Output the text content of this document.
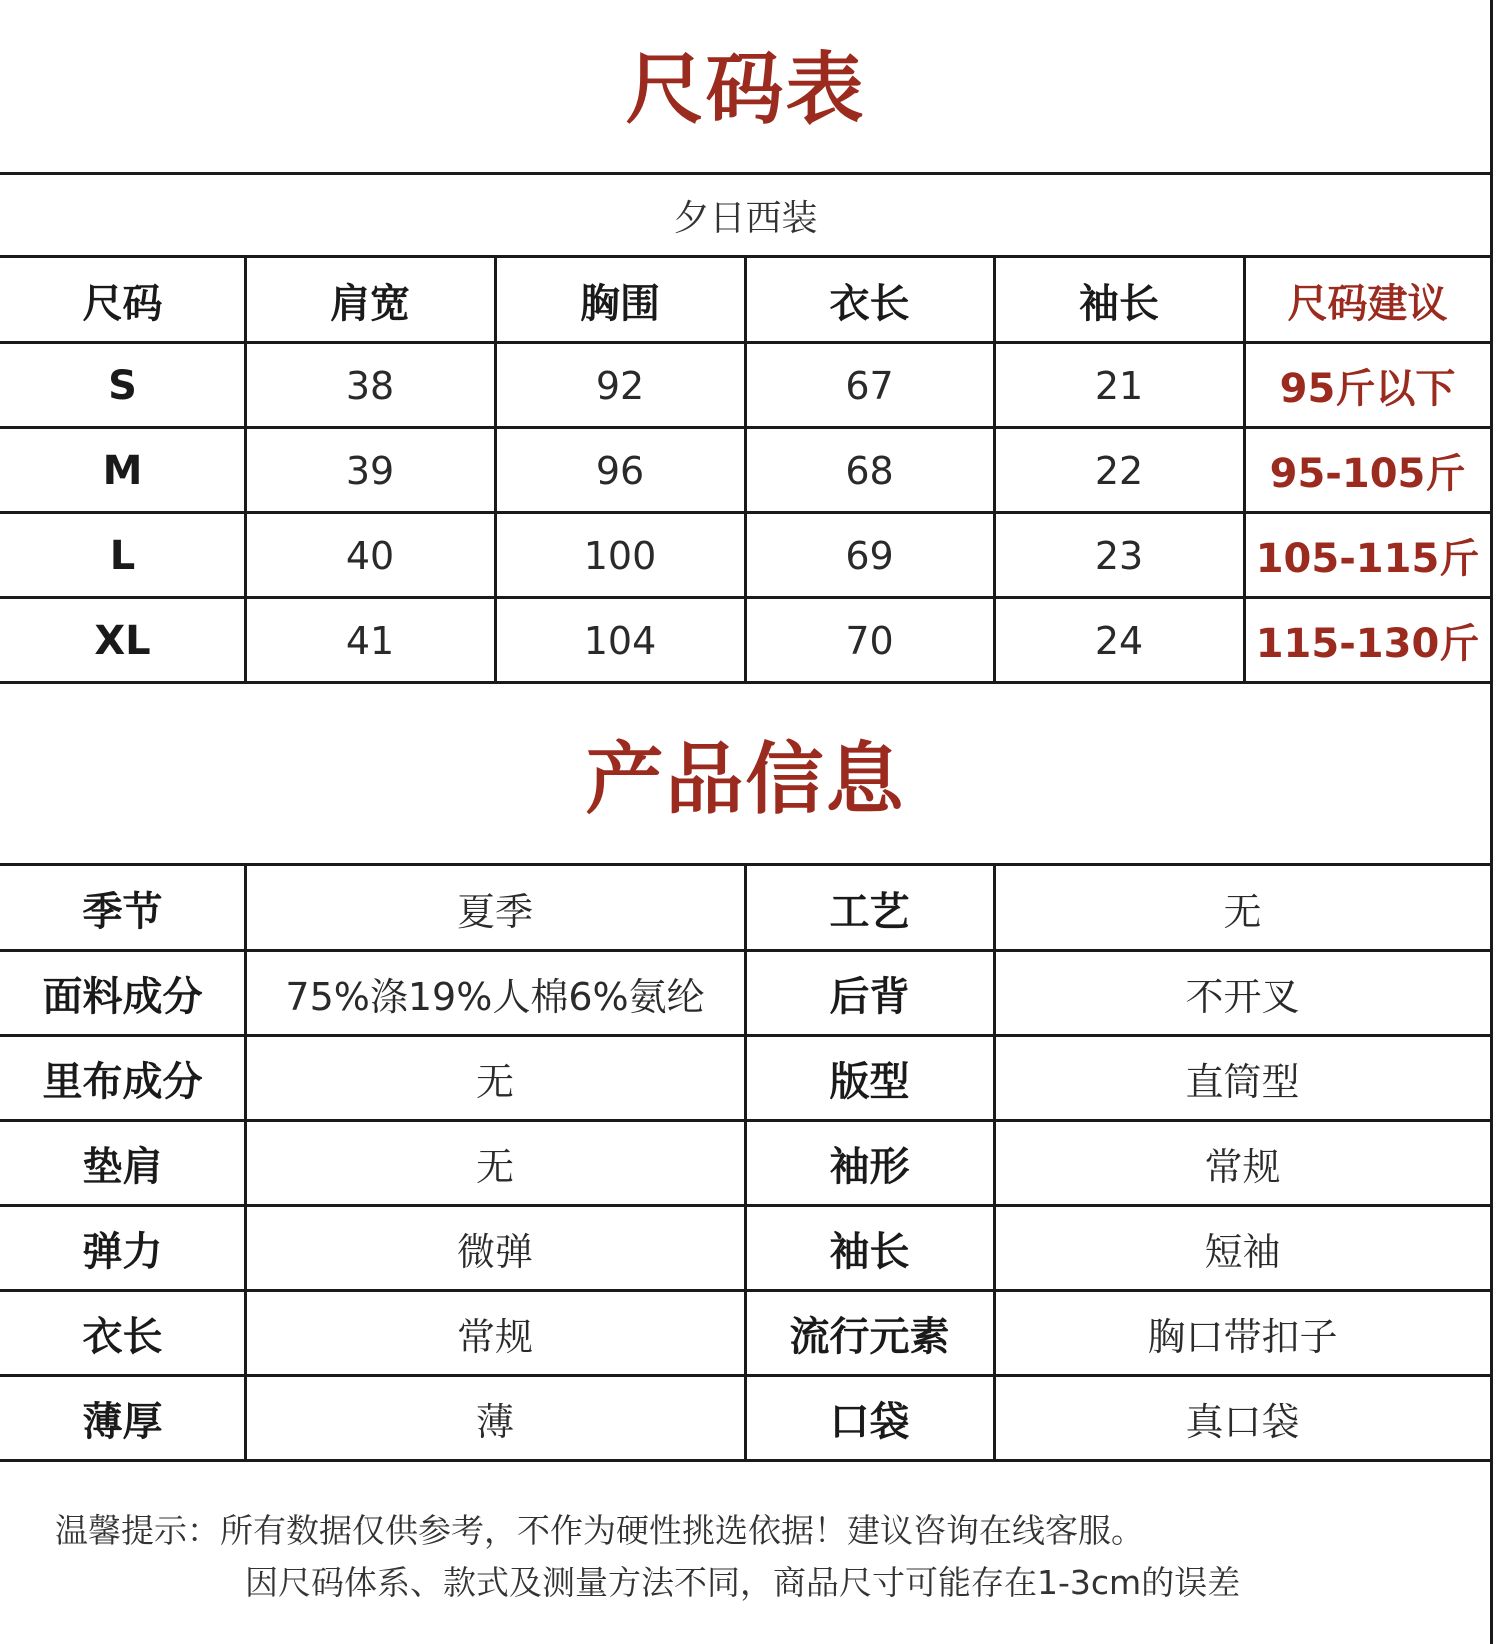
尺码表
夕日西装
尺码	肩宽	胸围	衣长	袖长	尺码建议
S	38	92	67	21	95斤以下
M	39	96	68	22	95-105斤
L	40	100	69	23	105-115斤
XL	41	104	70	24	115-130斤
产品信息
季节	夏季	工艺	无
面料成分	75%涤19%人棉6%氨纶	后背	不开叉
里布成分	无	版型	直筒型
垫肩	无	袖形	常规
弹力	微弹	袖长	短袖
衣长	常规	流行元素	胸口带扣子
薄厚	薄	口袋	真口袋
温馨提示：所有数据仅供参考，不作为硬性挑选依据！建议咨询在线客服。
因尺码体系、款式及测量方法不同，商品尺寸可能存在1-3cm的误差
